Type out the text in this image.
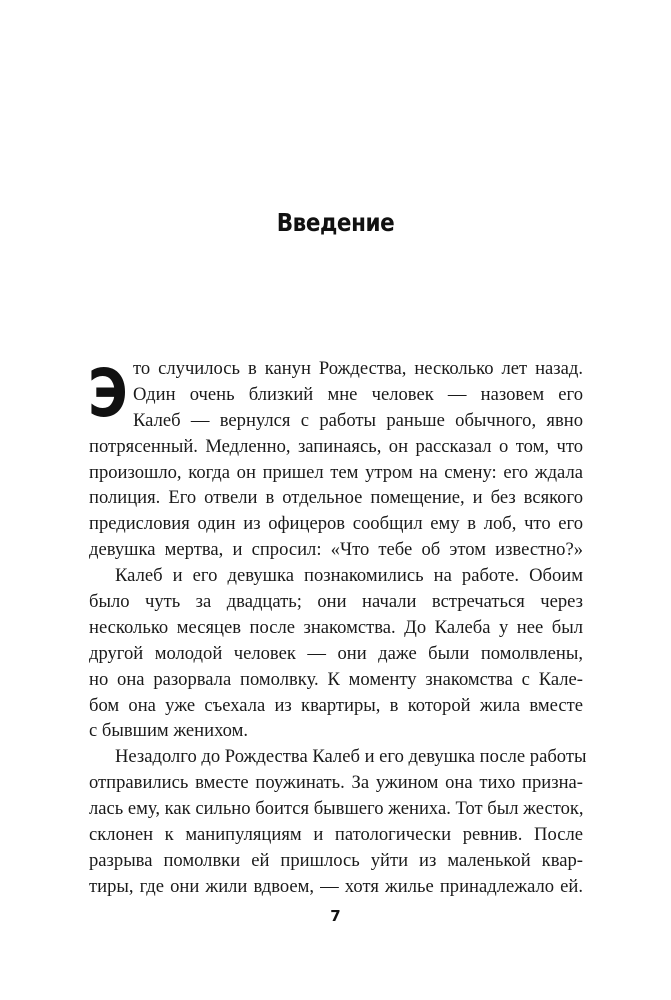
Введение
Э то случилось в канун Рождества, несколько лет назад.
Один очень близкий мне человек — назовем его
Калеб — вернулся с работы раньше обычного, явно
потрясенный. Медленно, запинаясь, он рассказал о том, что
произошло, когда он пришел тем утром на смену: его ждала
полиция. Его отвели в отдельное помещение, и без всякого
предисловия один из офицеров сообщил ему в лоб, что его
девушка мертва, и спросил: «Что тебе об этом известно?»
Калеб и его девушка познакомились на работе. Обоим
было чуть за двадцать; они начали встречаться через
несколько месяцев после знакомства. До Калеба у нее был
другой молодой человек — они даже были помолвлены,
но она разорвала помолвку. К моменту знакомства с Кале-
бом она уже съехала из квартиры, в которой жила вместе
с бывшим женихом.
Незадолго до Рождества Калеб и его девушка после работы
отправились вместе поужинать. За ужином она тихо призна-
лась ему, как сильно боится бывшего жениха. Тот был жесток,
склонен к манипуляциям и патологически ревнив. После
разрыва помолвки ей пришлось уйти из маленькой квар-
тиры, где они жили вдвоем, — хотя жилье принадлежало ей.
7
